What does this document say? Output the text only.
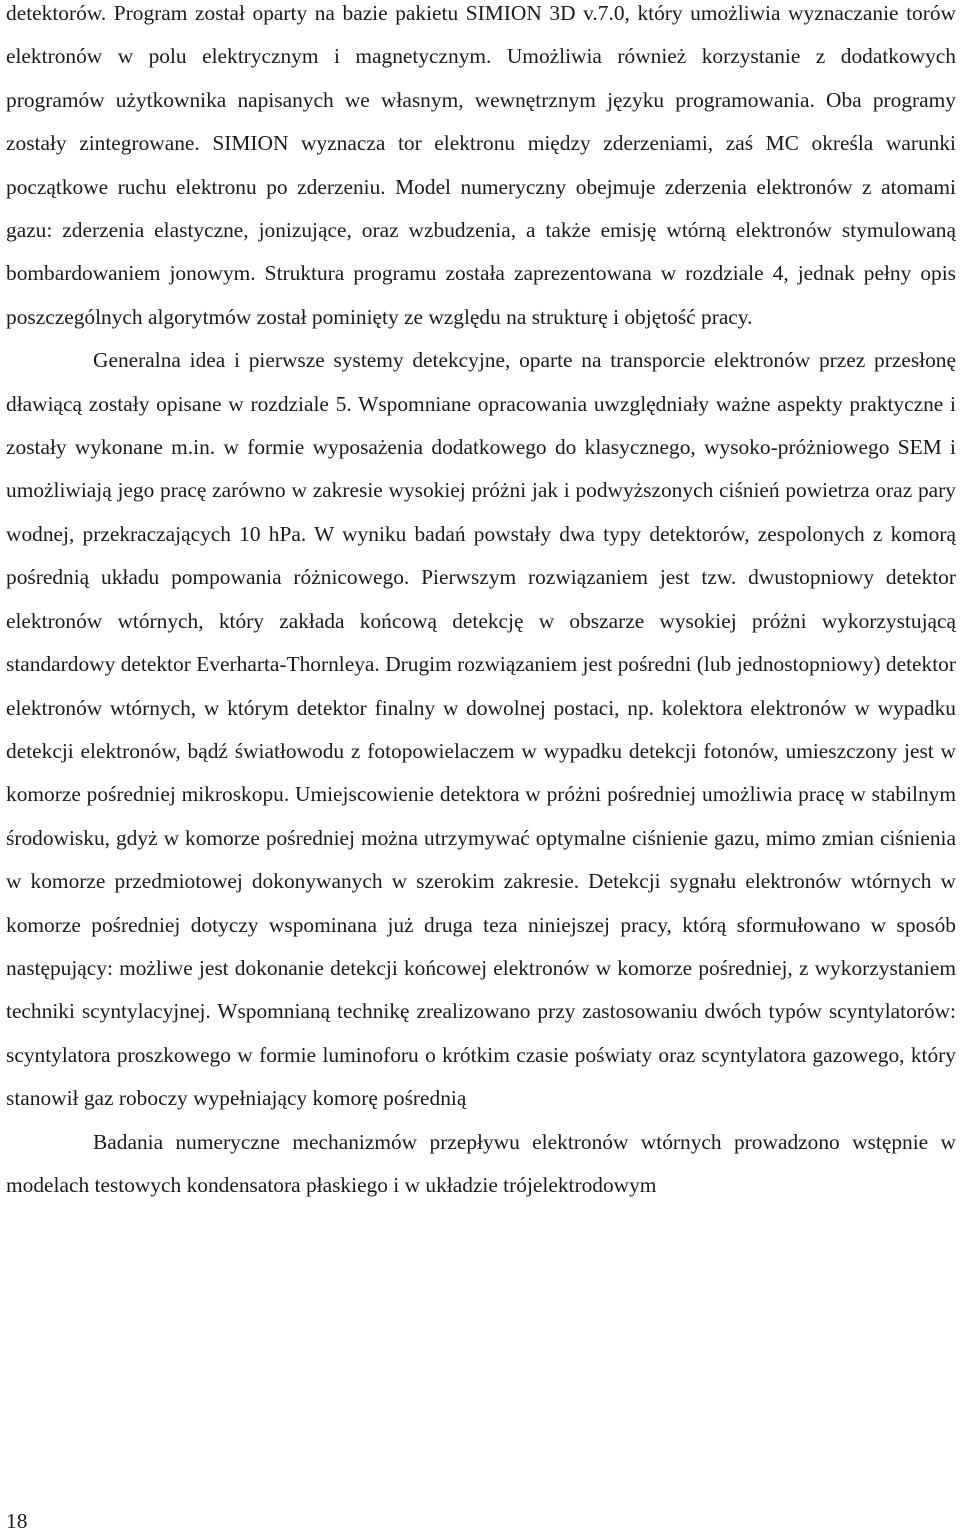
detektorów. Program został oparty na bazie pakietu SIMION 3D v.7.0, który umożliwia wyznaczanie torów elektronów w polu elektrycznym i magnetycznym. Umożliwia również korzystanie z dodatkowych programów użytkownika napisanych we własnym, wewnętrznym języku programowania. Oba programy zostały zintegrowane. SIMION wyznacza tor elektronu między zderzeniami, zaś MC określa warunki początkowe ruchu elektronu po zderzeniu. Model numeryczny obejmuje zderzenia elektronów z atomami gazu: zderzenia elastyczne, jonizujące, oraz wzbudzenia, a także emisję wtórną elektronów stymulowaną bombardowaniem jonowym. Struktura programu została zaprezentowana w rozdziale 4, jednak pełny opis poszczególnych algorytmów został pominięty ze względu na strukturę i objętość pracy.

Generalna idea i pierwsze systemy detekcyjne, oparte na transporcie elektronów przez przesłonę dławiącą zostały opisane w rozdziale 5. Wspomniane opracowania uwzględniały ważne aspekty praktyczne i zostały wykonane m.in. w formie wyposażenia dodatkowego do klasycznego, wysoko-próżniowego SEM i umożliwiają jego pracę zarówno w zakresie wysokiej próżni jak i podwyższonych ciśnień powietrza oraz pary wodnej, przekraczających 10 hPa. W wyniku badań powstały dwa typy detektorów, zespolonych z komorą pośrednią układu pompowania różnicowego. Pierwszym rozwiązaniem jest tzw. dwustopniowy detektor elektronów wtórnych, który zakłada końcową detekcję w obszarze wysokiej próżni wykorzystującą standardowy detektor Everharta-Thornleya. Drugim rozwiązaniem jest pośredni (lub jednostopniowy) detektor elektronów wtórnych, w którym detektor finalny w dowolnej postaci, np. kolektora elektronów w wypadku detekcji elektronów, bądź światłowodu z fotopowielaczem w wypadku detekcji fotonów, umieszczony jest w komorze pośredniej mikroskopu. Umiejscowienie detektora w próżni pośredniej umożliwia pracę w stabilnym środowisku, gdyż w komorze pośredniej można utrzymywać optymalne ciśnienie gazu, mimo zmian ciśnienia w komorze przedmiotowej dokonywanych w szerokim zakresie. Detekcji sygnału elektronów wtórnych w komorze pośredniej dotyczy wspominana już druga teza niniejszej pracy, którą sformułowano w sposób następujący: możliwe jest dokonanie detekcji końcowej elektronów w komorze pośredniej, z wykorzystaniem techniki scyntylacyjnej. Wspomnianą technikę zrealizowano przy zastosowaniu dwóch typów scyntylatorów: scyntylatora proszkowego w formie luminoforu o krótkim czasie poświaty oraz scyntylatora gazowego, który stanowił gaz roboczy wypełniający komorę pośrednią

Badania numeryczne mechanizmów przepływu elektronów wtórnych prowadzono wstępnie w modelach testowych kondensatora płaskiego i w układzie trójelektrodowym

18
